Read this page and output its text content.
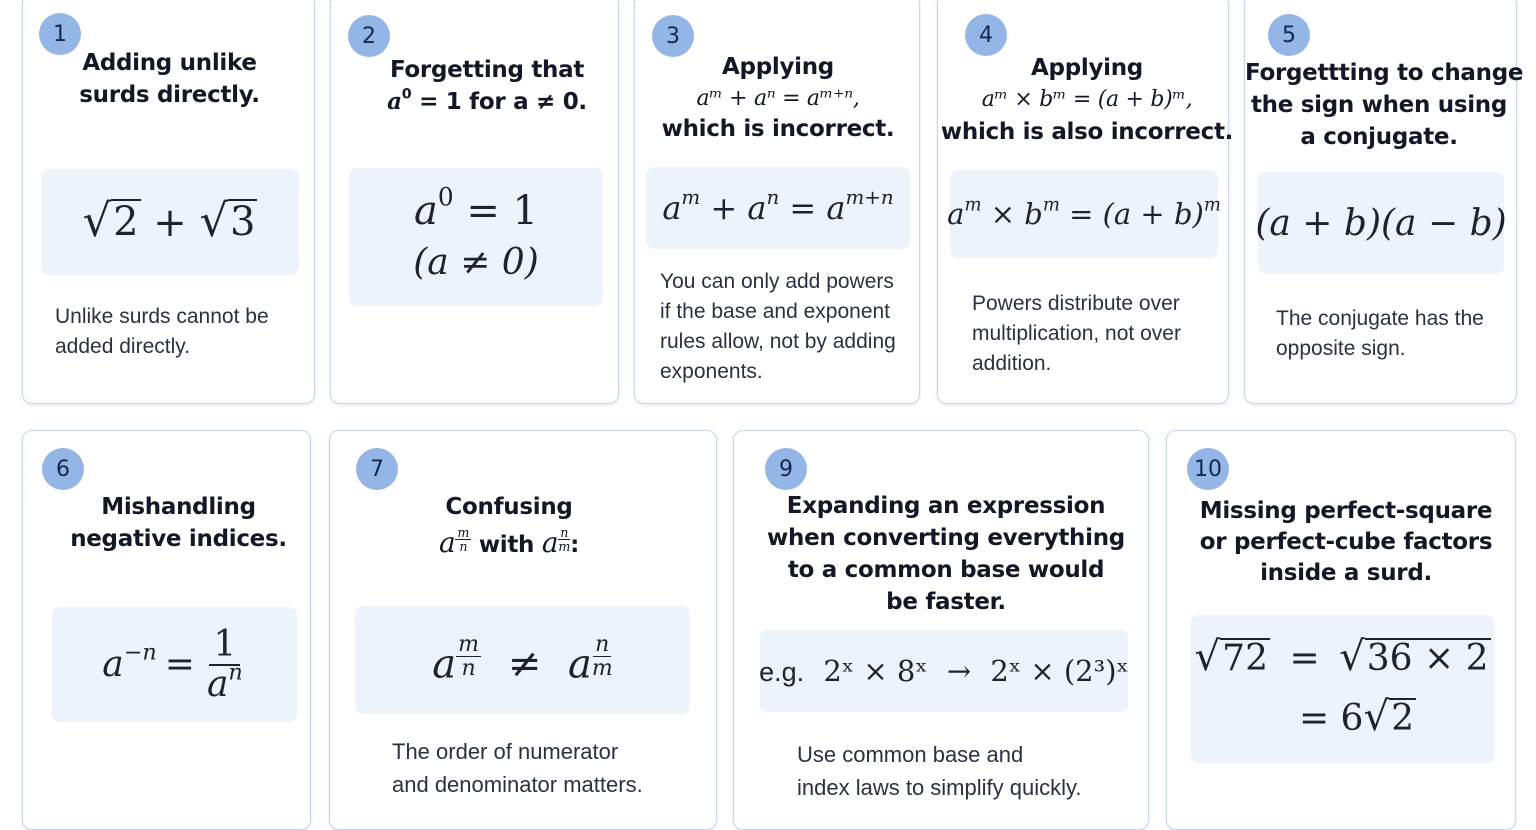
1
Adding unlike
surds directly.
√ 2 + √ 3
Unlike surds cannot be
added directly.
2
Forgetting that
$a^0 = 1$ for a ≠ 0.
$a^0 = 1$
(a ≠ 0)
3
Applying
aᵐ + aⁿ = aᵐ⁺ⁿ,
which is incorrect.
$a^m + a^n = a^{m+n}$
You can only add powers
if the base and exponent
rules allow, not by adding
exponents.
4
Applying
aᵐ × bᵐ = (a + b)ᵐ,
which is also incorrect.
$a^m \times b^m = (a + b)^m$
Powers distribute over
multiplication, not over
addition.
5
Forgettting to change
the sign when using
a conjugate.
(a + b)(a − b)
The conjugate has the
opposite sign.
6
Mishandling
negative indices.
$a^{-n} = \frac{1}{a^n}$
7
Confusing
a $\frac{m}{n}$ with a $\frac{n}{m}$ :
a $\frac{m}{n} \ne a \frac{n}{m}$
The order of numerator
and denominator matters.
9
Expanding an expression
when converting everything
to a common base would
be faster.
e.g. 2ˣ × 8ˣ → 2ˣ × (2³)ˣ
Use common base and
index laws to simplify quickly.
10
Missing perfect-square
or perfect-cube factors
inside a surd.
√ 72 = √ 36 × 2
= 6 √ 2
